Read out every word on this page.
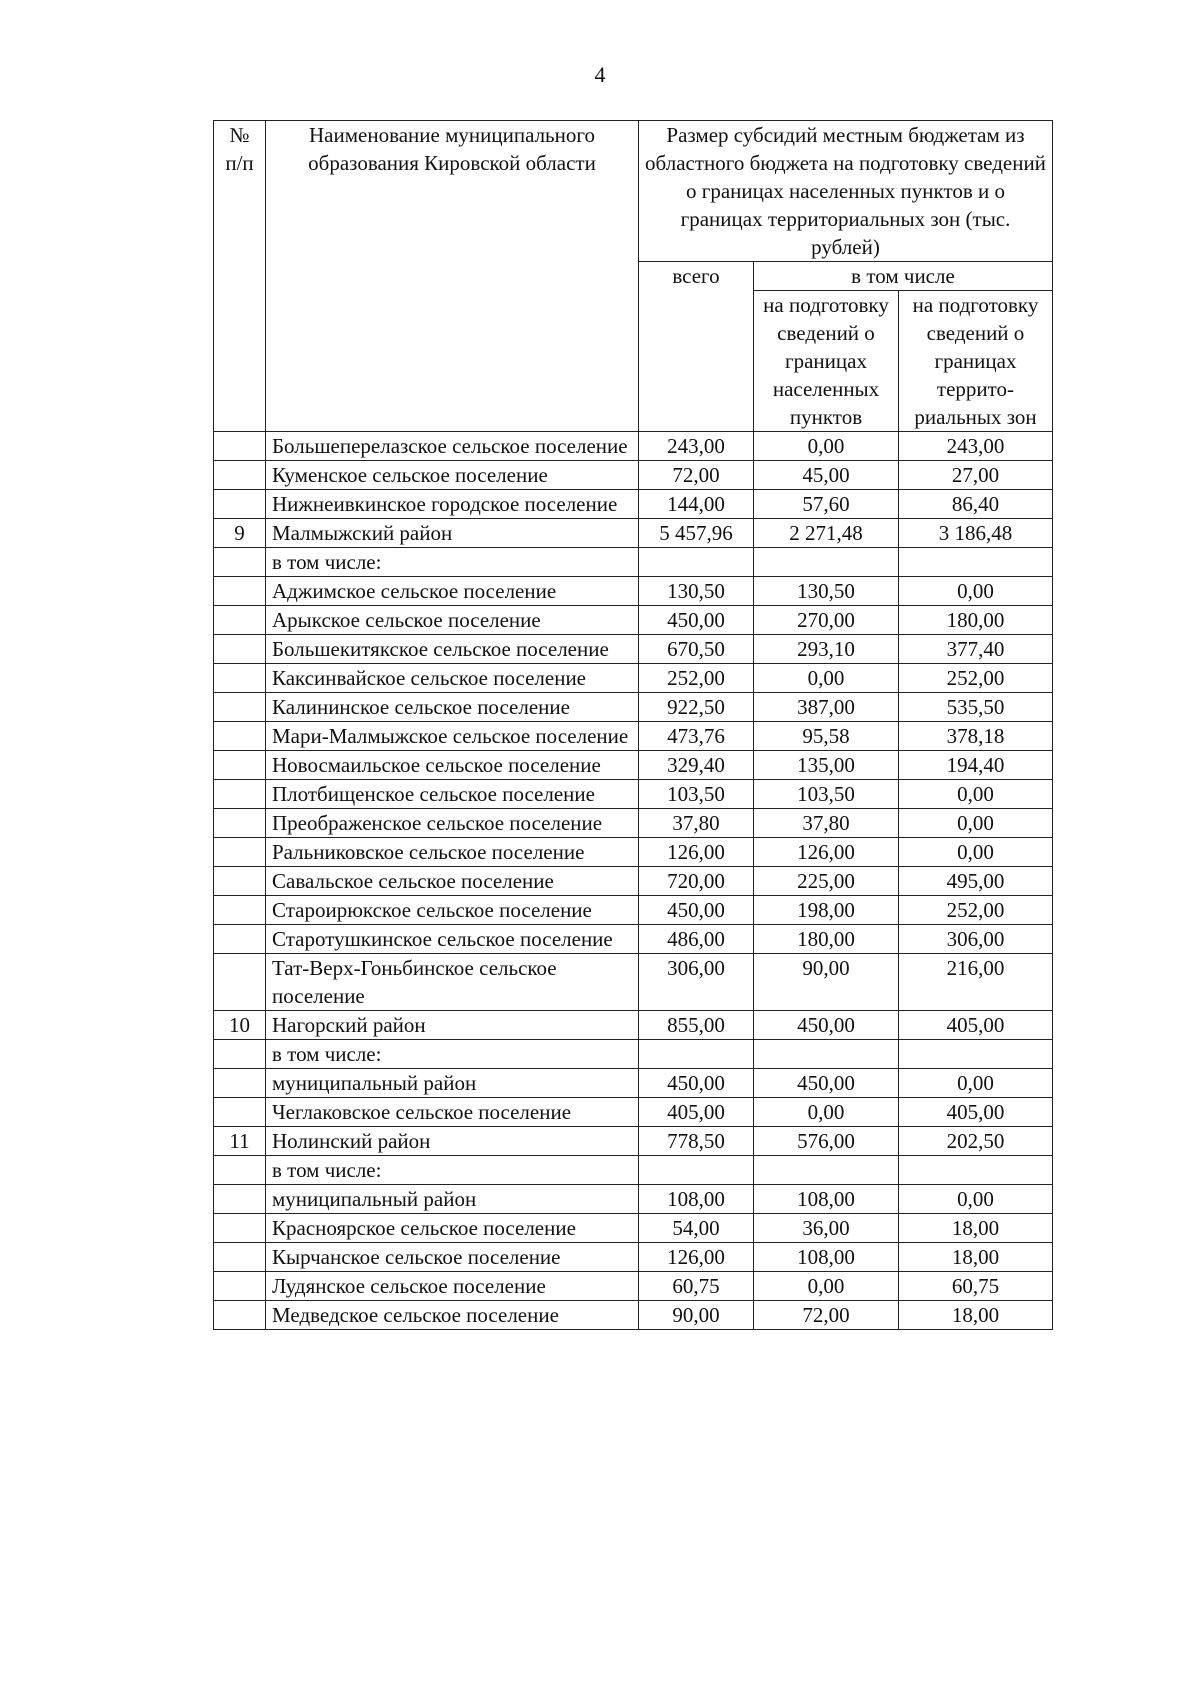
4
№
п/п	Наименование муниципального образования Кировской области	Размер субсидий местным бюджетам из областного бюджета на подготовку сведений о границах населенных пунктов и о границах территориальных зон (тыс. рублей)		
		всего	в том числе	
			на подготовку сведений о границах населенных пунктов	на подготовку сведений о границах террито-риальных зон
	Большеперелазское сельское поселение	243,00	0,00	243,00
	Куменское сельское поселение	72,00	45,00	27,00
	Нижнеивкинское городское поселение	144,00	57,60	86,40
9	Малмыжский район	5 457,96	2 271,48	3 186,48
	в том числе:			
	Аджимское сельское поселение	130,50	130,50	0,00
	Арыкское сельское поселение	450,00	270,00	180,00
	Большекитякское сельское поселение	670,50	293,10	377,40
	Каксинвайское сельское поселение	252,00	0,00	252,00
	Калининское сельское поселение	922,50	387,00	535,50
	Мари-Малмыжское сельское поселение	473,76	95,58	378,18
	Новосмаильское сельское поселение	329,40	135,00	194,40
	Плотбищенское сельское поселение	103,50	103,50	0,00
	Преображенское сельское поселение	37,80	37,80	0,00
	Ральниковское сельское поселение	126,00	126,00	0,00
	Савальское сельское поселение	720,00	225,00	495,00
	Староирюкское сельское поселение	450,00	198,00	252,00
	Старотушкинское сельское поселение	486,00	180,00	306,00
	Тат-Верх-Гоньбинское сельское поселение	306,00	90,00	216,00
10	Нагорский район	855,00	450,00	405,00
	в том числе:			
	муниципальный район	450,00	450,00	0,00
	Чеглаковское сельское поселение	405,00	0,00	405,00
11	Нолинский район	778,50	576,00	202,50
	в том числе:			
	муниципальный район	108,00	108,00	0,00
	Красноярское сельское поселение	54,00	36,00	18,00
	Кырчанское сельское поселение	126,00	108,00	18,00
	Лудянское сельское поселение	60,75	0,00	60,75
	Медведское сельское поселение	90,00	72,00	18,00
